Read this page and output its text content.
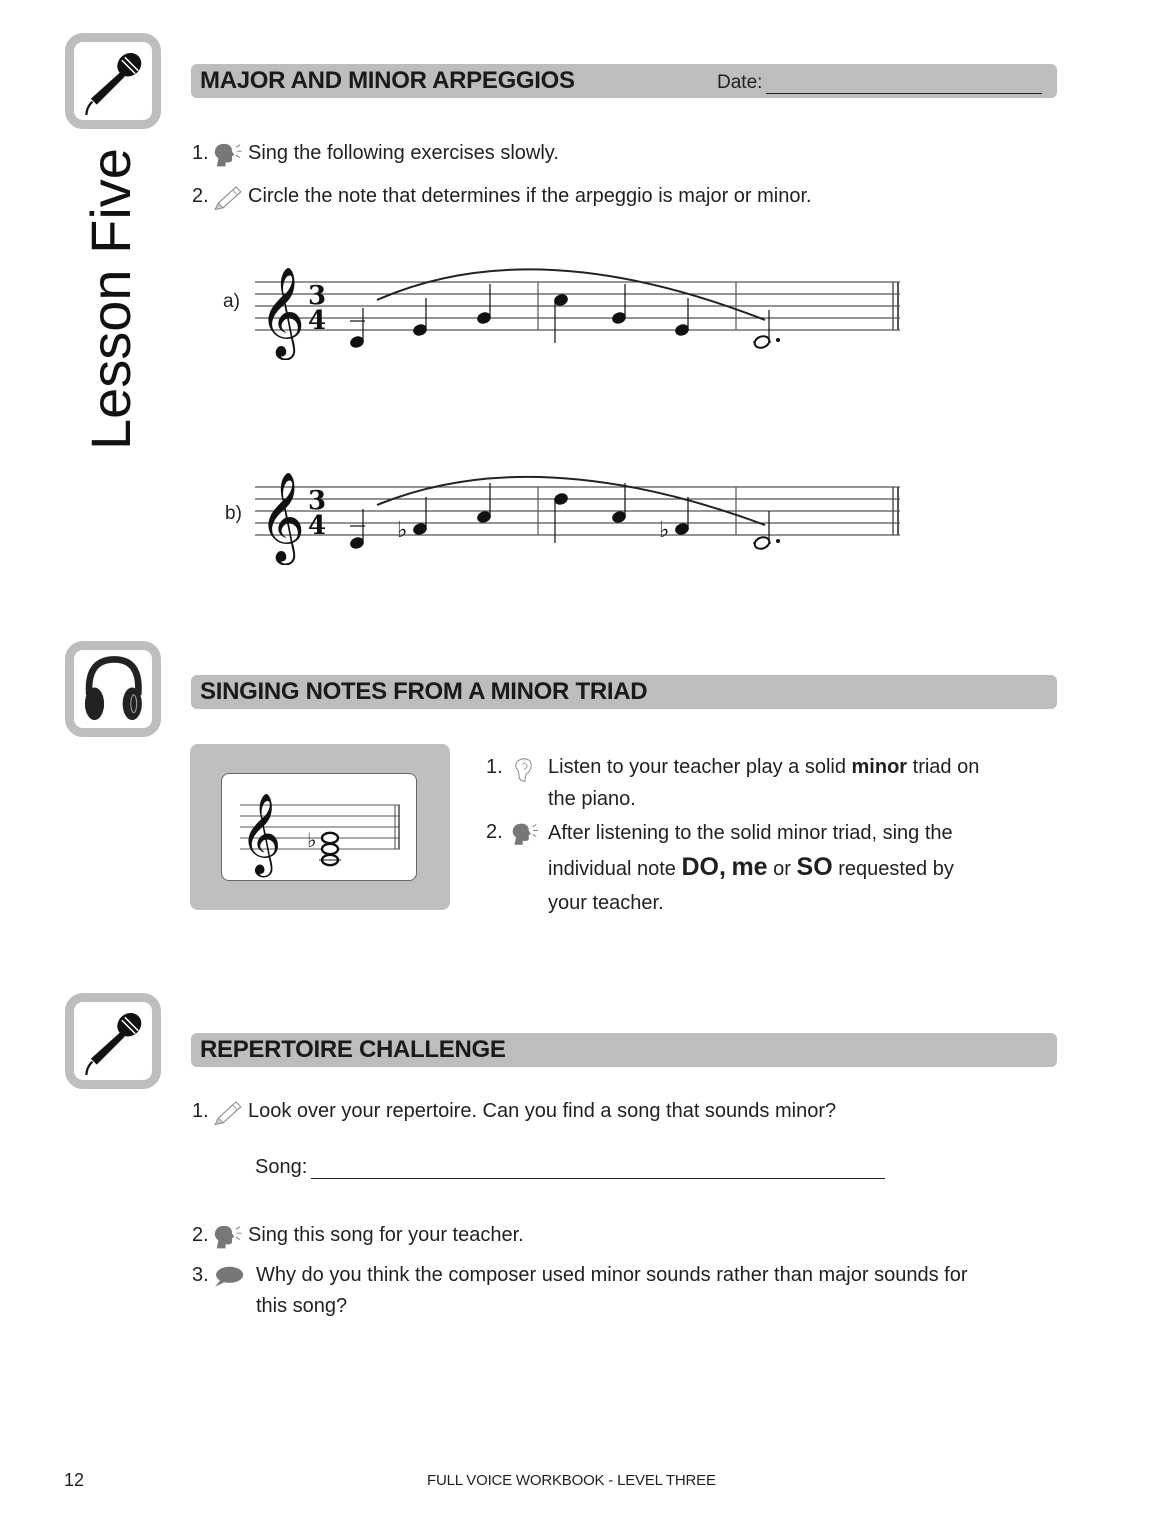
Lesson Five
MAJOR AND MINOR ARPEGGIOS	Date:
1. Sing the following exercises slowly.
2. Circle the note that determines if the arpeggio is major or minor.
a) 𝄞 3
4
b) 𝄞 3
4	♭	♭
SINGING NOTES FROM A MINOR TRIAD
𝄞 ♭
1.	Listen to your teacher play a solid minor triad on the piano.
2.	After listening to the solid minor triad, sing the individual note DO, me or SO requested by your teacher.
REPERTOIRE CHALLENGE
1. Look over your repertoire. Can you find a song that sounds minor?
Song:
2. Sing this song for your teacher.
3. Why do you think the composer used minor sounds rather than major sounds for this song?
12	FULL VOICE WORKBOOK - LEVEL THREE
